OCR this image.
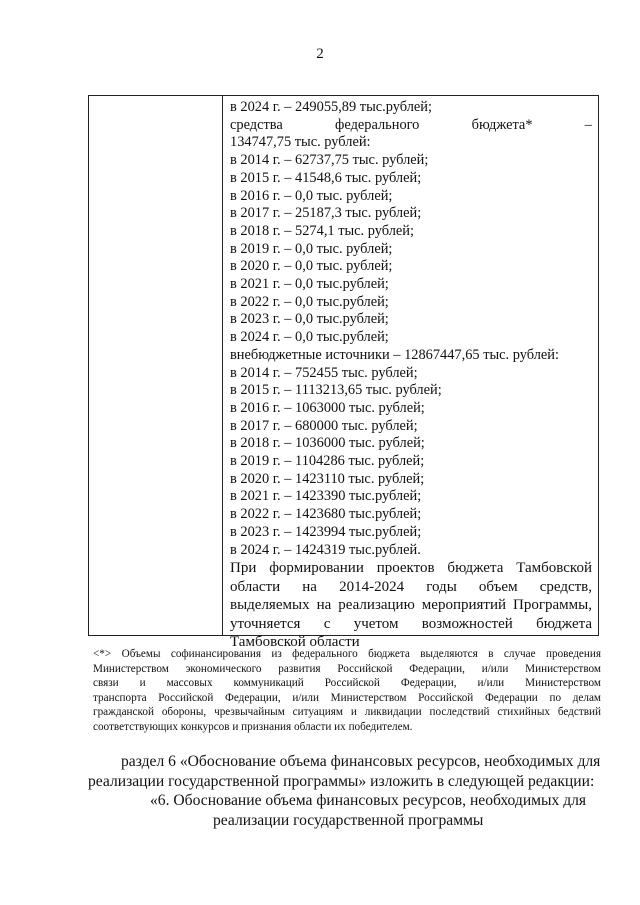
2
в 2024 г. – 249055,89 тыс.рублей;
средства федерального бюджета* –
134747,75 тыс. рублей:
в 2014 г. – 62737,75 тыс. рублей;
в 2015 г. – 41548,6 тыс. рублей;
в 2016 г. – 0,0 тыс. рублей;
в 2017 г. – 25187,3 тыс. рублей;
в 2018 г. – 5274,1 тыс. рублей;
в 2019 г. – 0,0 тыс. рублей;
в 2020 г. – 0,0 тыс. рублей;
в 2021 г. – 0,0 тыс.рублей;
в 2022 г. – 0,0 тыс.рублей;
в 2023 г. – 0,0 тыс.рублей;
в 2024 г. – 0,0 тыс.рублей;
внебюджетные источники – 12867447,65 тыс. рублей:
в 2014 г. – 752455 тыс. рублей;
в 2015 г. – 1113213,65 тыс. рублей;
в 2016 г. – 1063000 тыс. рублей;
в 2017 г. – 680000 тыс. рублей;
в 2018 г. – 1036000 тыс. рублей;
в 2019 г. – 1104286 тыс. рублей;
в 2020 г. – 1423110 тыс. рублей;
в 2021 г. – 1423390 тыс.рублей;
в 2022 г. – 1423680 тыс.рублей;
в 2023 г. – 1423994 тыс.рублей;
в 2024 г. – 1424319 тыс.рублей.
При формировании проектов бюджета Тамбовской
области на 2014-2024 годы объем средств,
выделяемых на реализацию мероприятий Программы,
уточняется с учетом возможностей бюджета
Тамбовской области
<*> Объемы софинансирования из федерального бюджета выделяются в случае проведения
Министерством экономического развития Российской Федерации, и/или Министерством
связи и массовых коммуникаций Российской Федерации, и/или Министерством
транспорта Российской Федерации, и/или Министерством Российской Федерации по делам
гражданской обороны, чрезвычайным ситуациям и ликвидации последствий стихийных бедствий
соответствующих конкурсов и признания области их победителем.
раздел 6 «Обоснование объема финансовых ресурсов, необходимых для
реализации государственной программы» изложить в следующей редакции:
«6. Обоснование объема финансовых ресурсов, необходимых для
реализации государственной программы
